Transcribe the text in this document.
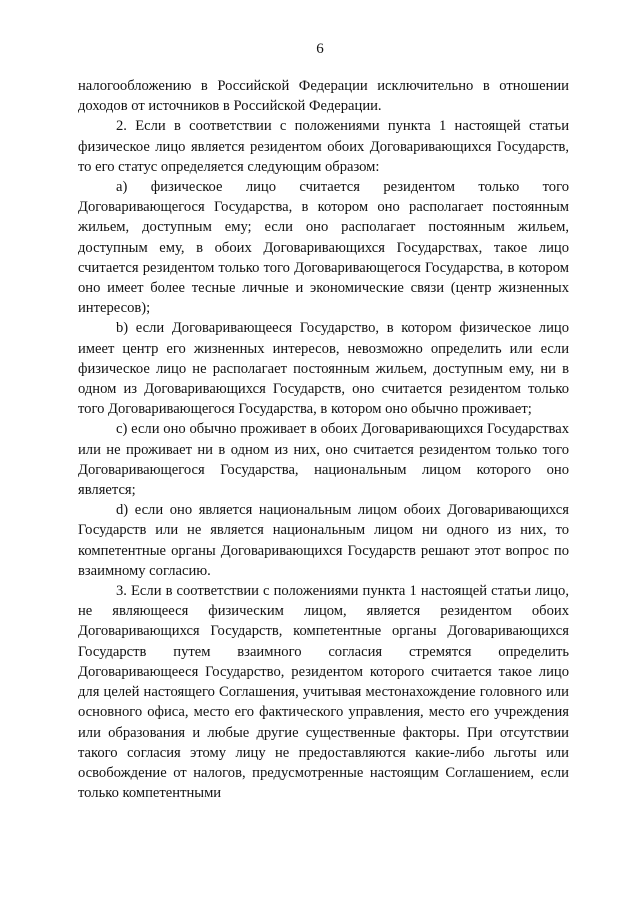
6

налогообложению в Российской Федерации исключительно в отношении доходов от источников в Российской Федерации.

2. Если в соответствии с положениями пункта 1 настоящей статьи физическое лицо является резидентом обоих Договаривающихся Государств, то его статус определяется следующим образом:

a) физическое лицо считается резидентом только того Договаривающегося Государства, в котором оно располагает постоянным жильем, доступным ему; если оно располагает постоянным жильем, доступным ему, в обоих Договаривающихся Государствах, такое лицо считается резидентом только того Договаривающегося Государства, в котором оно имеет более тесные личные и экономические связи (центр жизненных интересов);

b) если Договаривающееся Государство, в котором физическое лицо имеет центр его жизненных интересов, невозможно определить или если физическое лицо не располагает постоянным жильем, доступным ему, ни в одном из Договаривающихся Государств, оно считается резидентом только того Договаривающегося Государства, в котором оно обычно проживает;

c) если оно обычно проживает в обоих Договаривающихся Государствах или не проживает ни в одном из них, оно считается резидентом только того Договаривающегося Государства, национальным лицом которого оно является;

d) если оно является национальным лицом обоих Договаривающихся Государств или не является национальным лицом ни одного из них, то компетентные органы Договаривающихся Государств решают этот вопрос по взаимному согласию.

3. Если в соответствии с положениями пункта 1 настоящей статьи лицо, не являющееся физическим лицом, является резидентом обоих Договаривающихся Государств, компетентные органы Договаривающихся Государств путем взаимного согласия стремятся определить Договаривающееся Государство, резидентом которого считается такое лицо для целей настоящего Соглашения, учитывая местонахождение головного или основного офиса, место его фактического управления, место его учреждения или образования и любые другие существенные факторы. При отсутствии такого согласия этому лицу не предоставляются какие-либо льготы или освобождение от налогов, предусмотренные настоящим Соглашением, если только компетентными
